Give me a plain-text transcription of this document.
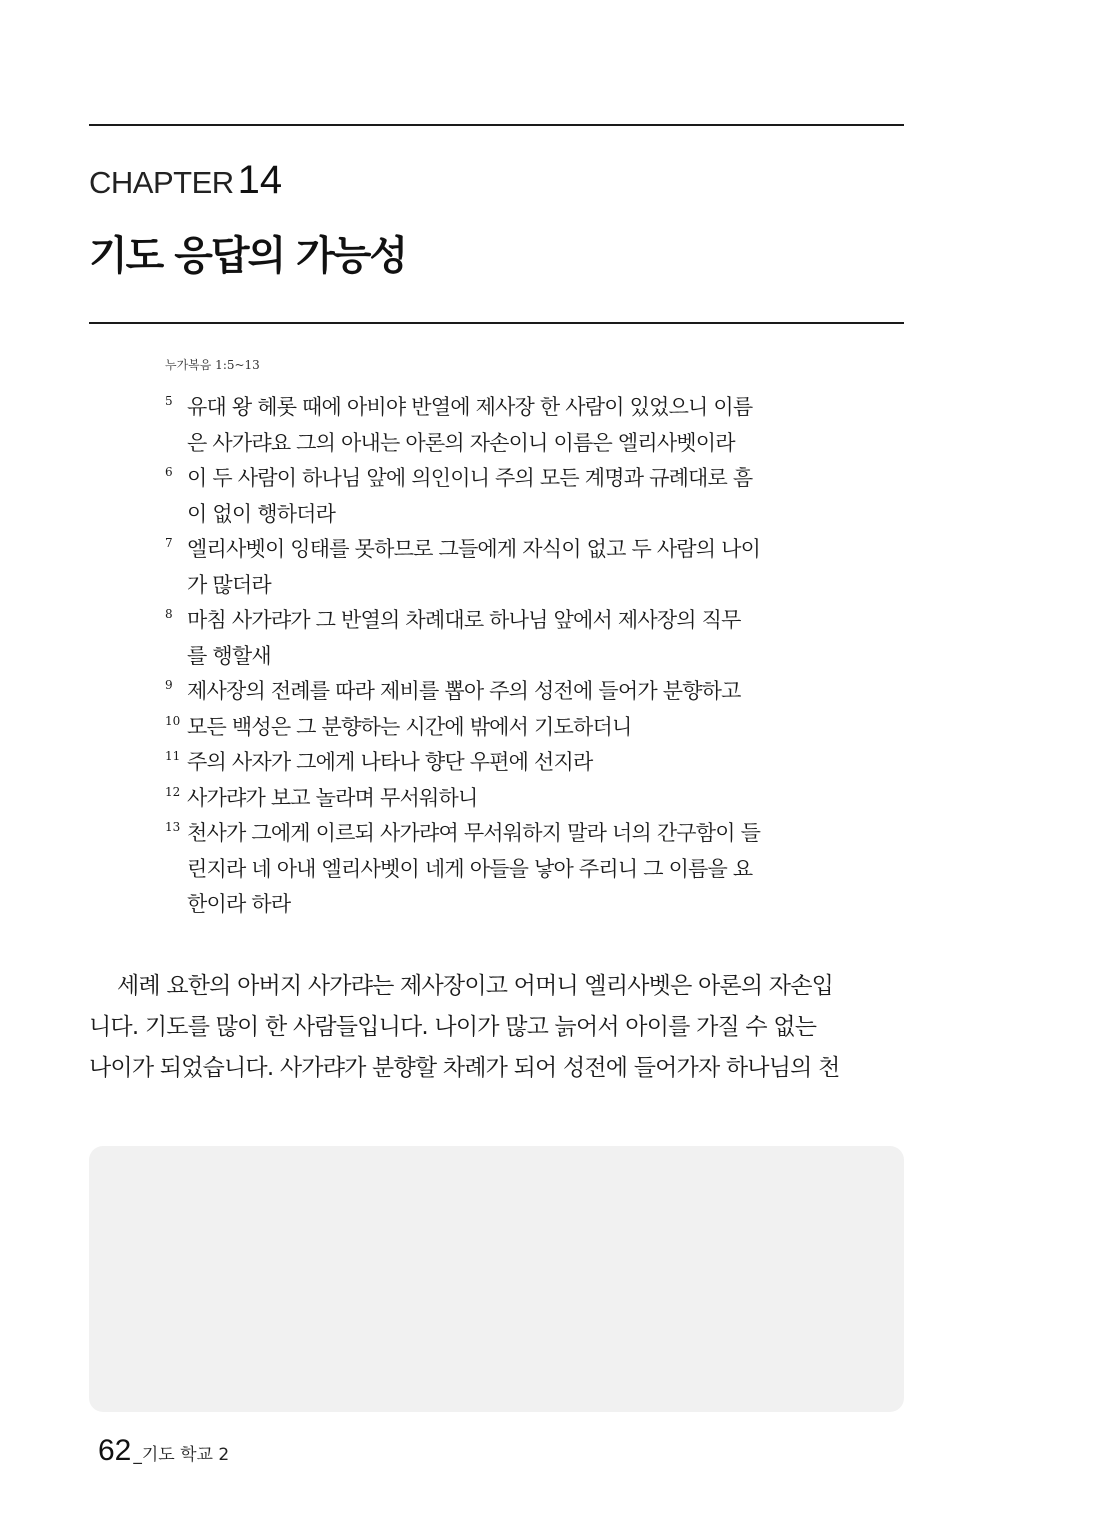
CHAPTER 14
기도 응답의 가능성
누가복음 1:5~13
5 유대 왕 헤롯 때에 아비야 반열에 제사장 한 사람이 있었으니 이름
은 사가랴요 그의 아내는 아론의 자손이니 이름은 엘리사벳이라
6 이 두 사람이 하나님 앞에 의인이니 주의 모든 계명과 규례대로 흠
이 없이 행하더라
7 엘리사벳이 잉태를 못하므로 그들에게 자식이 없고 두 사람의 나이
가 많더라
8 마침 사가랴가 그 반열의 차례대로 하나님 앞에서 제사장의 직무
를 행할새
9 제사장의 전례를 따라 제비를 뽑아 주의 성전에 들어가 분향하고
10 모든 백성은 그 분향하는 시간에 밖에서 기도하더니
11 주의 사자가 그에게 나타나 향단 우편에 선지라
12 사가랴가 보고 놀라며 무서워하니
13 천사가 그에게 이르되 사가랴여 무서워하지 말라 너의 간구함이 들
린지라 네 아내 엘리사벳이 네게 아들을 낳아 주리니 그 이름을 요
한이라 하라
세례 요한의 아버지 사가랴는 제사장이고 어머니 엘리사벳은 아론의 자손입
니다. 기도를 많이 한 사람들입니다. 나이가 많고 늙어서 아이를 가질 수 없는
나이가 되었습니다. 사가랴가 분향할 차례가 되어 성전에 들어가자 하나님의 천
62 _기도 학교 2
